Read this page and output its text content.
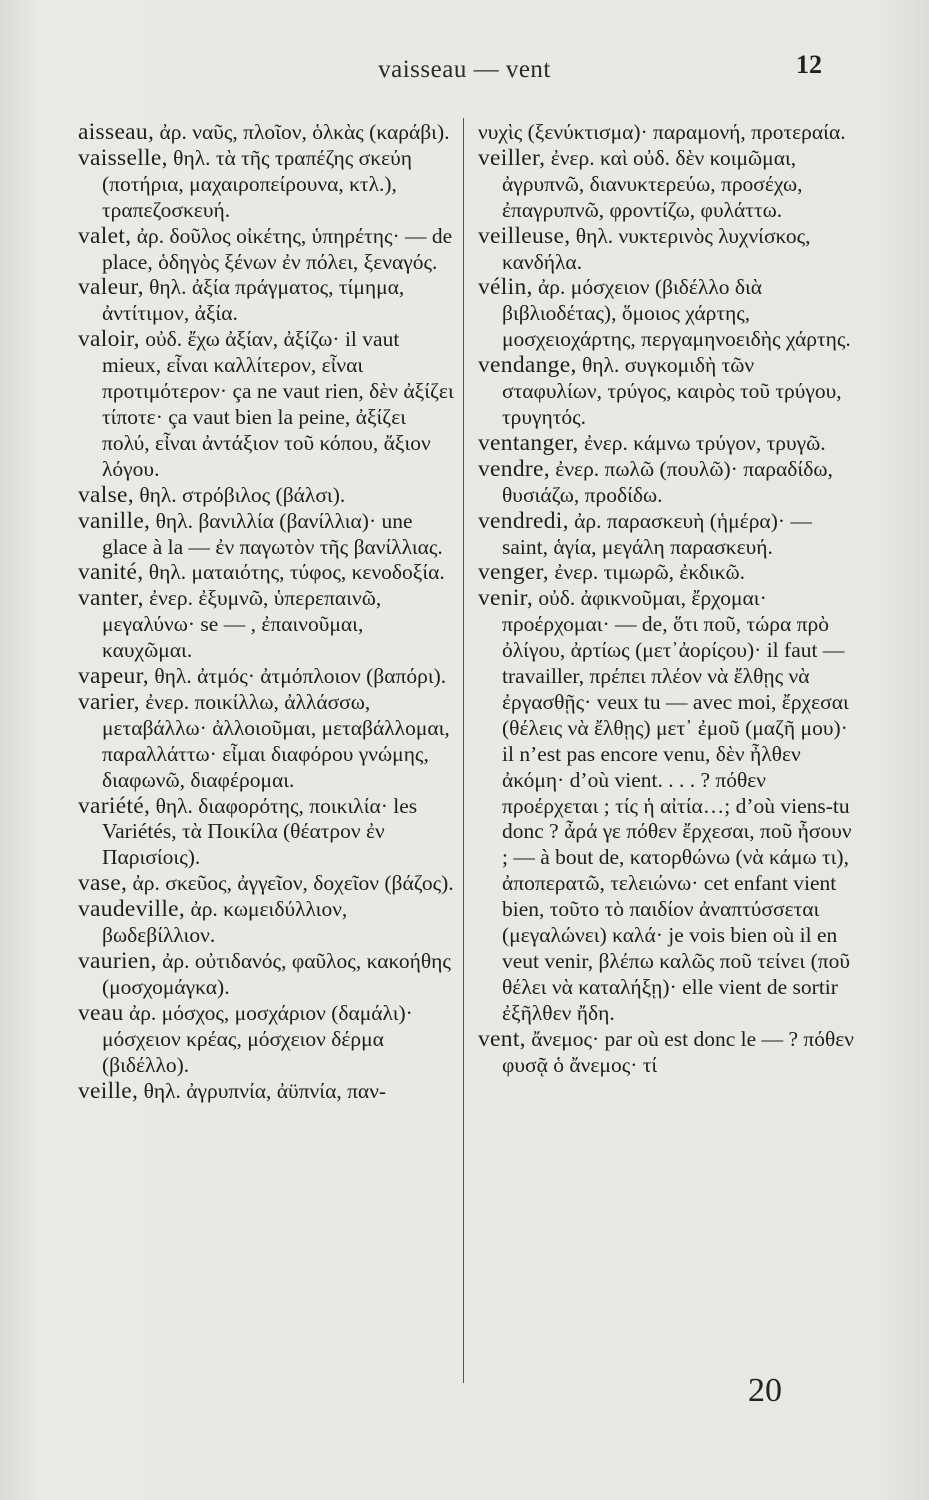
vaisseau — vent	12

aisseau, ἀρ. ναῦς, πλοῖον, ὁλκὰς (καράβι).

vaisselle, θηλ. τὰ τῆς τραπέζης σκεύη (ποτήρια, μαχαιροπείρουνα, κτλ.), τραπεζοσκευή.

valet, ἀρ. δοῦλος οἰκέτης, ὑπηρέτης· — de place, ὁδηγὸς ξένων ἐν πόλει, ξεναγός.

valeur, θηλ. ἀξία πράγματος, τίμημα, ἀντίτιμον, ἀξία.

valoir, οὐδ. ἔχω ἀξίαν, ἀξίζω· il vaut mieux, εἶναι καλλίτερον, εἶναι προτιμότερον· ça ne vaut rien, δὲν ἀξίζει τίποτε· ça vaut bien la peine, ἀξίζει πολύ, εἶναι ἀντάξιον τοῦ κόπου, ἄξιον λόγου.

valse, θηλ. στρόβιλος (βάλσι).

vanille, θηλ. βανιλλία (βανίλλια)· une glace à la — ἐν παγωτὸν τῆς βανίλλιας.

vanité, θηλ. ματαιότης, τύφος, κενοδοξία.

vanter, ἐνερ. ἐξυμνῶ, ὑπερεπαινῶ, μεγαλύνω· se — , ἐπαινοῦμαι, καυχῶμαι.

vapeur, θηλ. ἀτμός· ἀτμόπλοιον (βαπόρι).

varier, ἐνερ. ποικίλλω, ἀλλάσσω, μεταβάλλω· ἀλλοιοῦμαι, μεταβάλλομαι, παραλλάττω· εἶμαι διαφόρου γνώμης, διαφωνῶ, διαφέρομαι.

variété, θηλ. διαφορότης, ποικιλία· les Variétés, τὰ Ποικίλα (θέατρον ἐν Παρισίοις).

vase, ἀρ. σκεῦος, ἀγγεῖον, δοχεῖον (βάζος).

vaudeville, ἀρ. κωμειδύλλιον, βωδεβίλλιον.

vaurien, ἀρ. οὐτιδανός, φαῦλος, κακοήθης (μοσχομάγκα).

veau ἀρ. μόσχος, μοσχάριον (δαμάλι)· μόσχειον κρέας, μόσχειον δέρμα (βιδέλλο).

veille, θηλ. ἀγρυπνία, ἀϋπνία, παν-

νυχὶς (ξενύκτισμα)· παραμονή, προτεραία.

veiller, ἐνερ. καὶ οὐδ. δὲν κοιμῶμαι, ἀγρυπνῶ, διανυκτερεύω, προσέχω, ἐπαγρυπνῶ, φροντίζω, φυλάττω.

veilleuse, θηλ. νυκτερινὸς λυχνίσκος, κανδήλα.

vélin, ἀρ. μόσχειον (βιδέλλο διὰ βιβλιοδέτας), ὅμοιος χάρτης, μοσχειοχάρτης, περγαμηνοειδὴς χάρτης.

vendange, θηλ. συγκομιδὴ τῶν σταφυλίων, τρύγος, καιρὸς τοῦ τρύγου, τρυγητός.

ventanger, ἐνερ. κάμνω τρύγον, τρυγῶ.

vendre, ἐνερ. πωλῶ (πουλῶ)· παραδίδω, θυσιάζω, προδίδω.

vendredi, ἀρ. παρασκευὴ (ἡμέρα)· — saint, ἁγία, μεγάλη παρασκευή.

venger, ἐνερ. τιμωρῶ, ἐκδικῶ.

venir, οὐδ. ἀφικνοῦμαι, ἔρχομαι· προέρχομαι· — de, ὅτι ποῦ, τώρα πρὸ ὀλίγου, ἀρτίως (μετ᾽ἀορίςου)· il faut — travailler, πρέπει πλέον νὰ ἔλθῃς νὰ ἐργασθῇς· veux tu — avec moi, ἔρχεσαι (θέλεις νὰ ἔλθῃς) μετ᾽ ἐμοῦ (μαζῆ μου)· il n’est pas encore venu, δὲν ἦλθεν ἀκόμη· d’où vient. . . . ? πόθεν προέρχεται ; τίς ἡ αἰτία…; d’où viens-tu donc ? ἆρά γε πόθεν ἔρχεσαι, ποῦ ἦσουν ; — à bout de, κατορθώνω (νὰ κάμω τι), ἀποπερατῶ, τελειώνω· cet enfant vient bien, τοῦτο τὸ παιδίον ἀναπτύσσεται (μεγαλώνει) καλά· je vois bien où il en veut venir, βλέπω καλῶς ποῦ τείνει (ποῦ θέλει νὰ καταλήξῃ)· elle vient de sortir ἐξῆλθεν ἤδη.

vent, ἄνεμος· par où est donc le — ? πόθεν φυσᾷ ὁ ἄνεμος· τί

20
